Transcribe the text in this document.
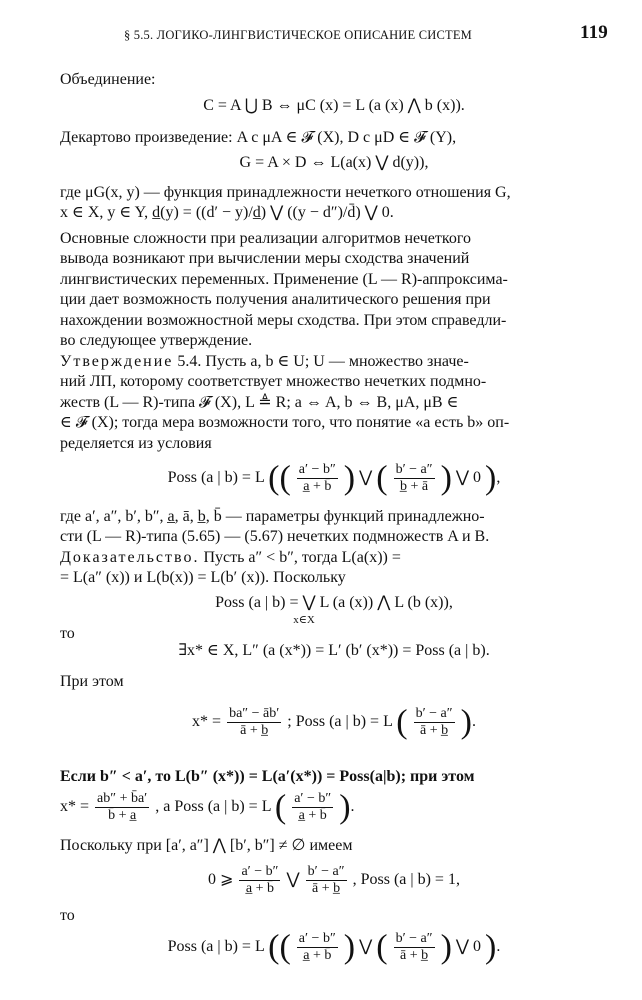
§ 5.5. ЛОГИКО-ЛИНГВИСТИЧЕСКОЕ ОПИСАНИЕ СИСТЕМ	119
Объединение:
C = A ⋃ B ⇔ μC (x) = L (a (x) ⋀ b (x)).
Декартово произведение: A c μA ∈ 𝓕 (X), D c μD ∈ 𝓕 (Y),
G = A × D ⇔ L(a(x) ⋁ d(y)),
где μG(x, y) — функция принадлежности нечеткого отношения G,
x ∈ X, y ∈ Y, d̲(y) = ((d′ − y)/d̲) ⋁ ((y − d″)/d̄) ⋁ 0.
Основные сложности при реализации алгоритмов нечеткого
вывода возникают при вычислении меры сходства значений
лингвистических переменных. Применение (L — R)-аппроксима-
ции дает возможность получения аналитического решения при
нахождении возможностной меры сходства. При этом справедли-
во следующее утверждение.
Утверждение 5.4. Пусть a, b ∈ U; U — множество значе-
ний ЛП, которому соответствует множество нечетких подмно-
жеств (L — R)-типа 𝓕 (X), L ≜ R; a ⇔ A, b ⇔ B, μA, μB ∈
∈ 𝓕 (X); тогда мера возможности того, что понятие «a есть b» оп-
ределяется из условия
Poss (a | b) = L (( $\frac{a' - b''}{a̲ + b̄}$ ) ⋁ ( $\frac{b' - a''}{b̲ + ā}$ ) ⋁ 0 ),
где a′, a″, b′, b″, a̲, ā, b̲, b̄ — параметры функций принадлежно-
сти (L — R)-типа (5.65) — (5.67) нечетких подмножеств A и B.
Доказательство. Пусть a″ < b″, тогда L(a(x)) =
= L(a″ (x)) и L(b(x)) = L(b′ (x)). Поскольку
Poss (a | b) = ⋁ L (a (x)) ⋀ L (b (x)),
x∈X
то
∃x* ∈ X, L″ (a (x*)) = L′ (b′ (x*)) = Poss (a | b).
При этом
$x* = \frac{ba'' - āb'}{ā + b̲}$ ; Poss (a | b) = L ( $\frac{b' - a''}{ā + b̲}$ ).
Если b″ < a′, то L(b″ (x*)) = L(a′(x*)) = Poss(a|b); при этом
$x* = \frac{ab'' + b̄a'}{b̄ + a̲}$ , а Poss (a | b) = L ( $\frac{a' - b''}{a̲ + b̄}$ ).
Поскольку при [a′, a″] ⋀ [b′, b″] ≠ ∅ имеем
0 ⩾ $\frac{a' - b''}{a̲ + b̄}$ ⋁ $\frac{b' - a''}{ā + b̲}$ , Poss (a | b) = 1,
то
Poss (a | b) = L (( $\frac{a' - b''}{a̲ + b̄}$ ) ⋁ ( $\frac{b' - a''}{ā + b̲}$ ) ⋁ 0 ).
